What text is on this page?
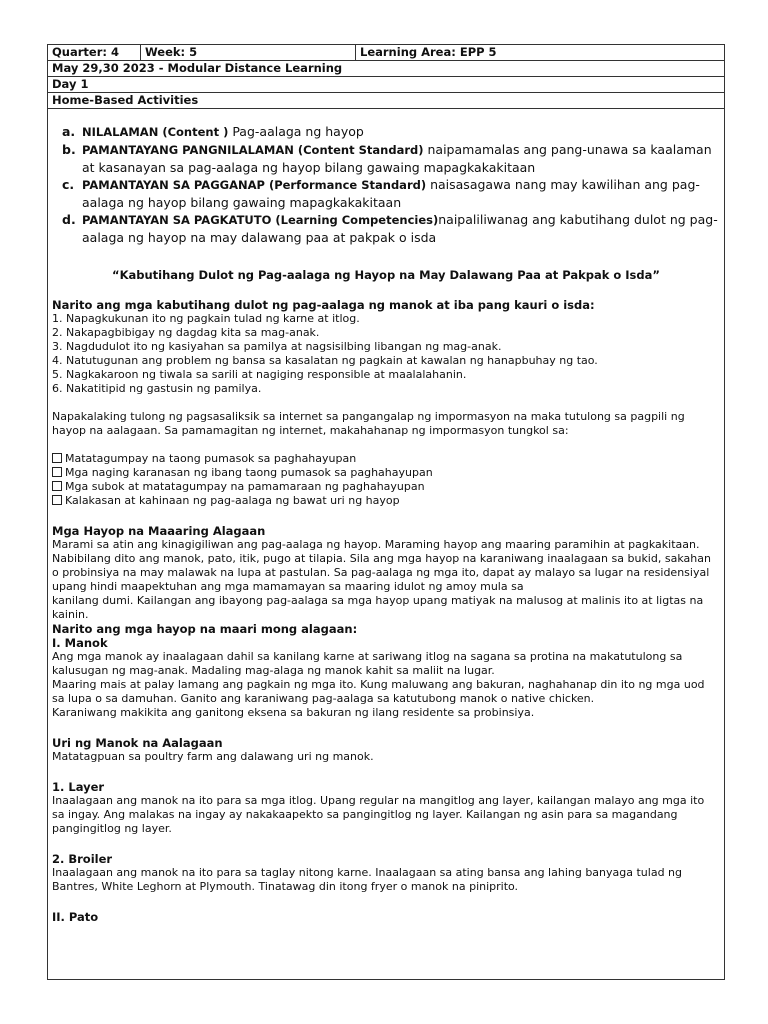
Quarter: 4	Week: 5	Learning Area: EPP 5
May 29,30 2023 - Modular Distance Learning
Day 1
Home-Based Activities
a. NILALAMAN (Content ) Pag-aalaga ng hayop
b. PAMANTAYANG PANGNILALAMAN (Content Standard) naipamamalas ang pang-unawa sa kaalaman at kasanayan sa pag-aalaga ng hayop bilang gawaing mapagkakakitaan
c. PAMANTAYAN SA PAGGANAP (Performance Standard) naisasagawa nang may kawilihan ang pag-aalaga ng hayop bilang gawaing mapagkakakitaan
d. PAMANTAYAN SA PAGKATUTO (Learning Competencies)naipaliliwanag ang kabutihang dulot ng pag-aalaga ng hayop na may dalawang paa at pakpak o isda
“Kabutihang Dulot ng Pag-aalaga ng Hayop na May Dalawang Paa at Pakpak o Isda”
Narito ang mga kabutihang dulot ng pag-aalaga ng manok at iba pang kauri o isda:

1. Napagkukunan ito ng pagkain tulad ng karne at itlog.

2. Nakapagbibigay ng dagdag kita sa mag-anak.

3. Nagdudulot ito ng kasiyahan sa pamilya at nagsisilbing libangan ng mag-anak.

4. Natutugunan ang problem ng bansa sa kasalatan ng pagkain at kawalan ng hanapbuhay ng tao.

5. Nagkakaroon ng tiwala sa sarili at nagiging responsible at maalalahanin.

6. Nakatitipid ng gastusin ng pamilya.

Napakalaking tulong ng pagsasaliksik sa internet sa pangangalap ng impormasyon na maka tutulong sa pagpili ng hayop na aalagaan. Sa pamamagitan ng internet, makahahanap ng impormasyon tungkol sa:

Matatagumpay na taong pumasok sa paghahayupan

Mga naging karanasan ng ibang taong pumasok sa paghahayupan

Mga subok at matatagumpay na pamamaraan ng paghahayupan

Kalakasan at kahinaan ng pag-aalaga ng bawat uri ng hayop

Mga Hayop na Maaaring Alagaan

Marami sa atin ang kinagigiliwan ang pag-aalaga ng hayop. Maraming hayop ang maaring paramihin at pagkakitaan. Nabibilang dito ang manok, pato, itik, pugo at tilapia. Sila ang mga hayop na karaniwang inaalagaan sa bukid, sakahan o probinsiya na may malawak na lupa at pastulan. Sa pag-aalaga ng mga ito, dapat ay malayo sa lugar na residensiyal upang hindi maapektuhan ang mga mamamayan sa maaring idulot ng amoy mula sa

kanilang dumi. Kailangan ang ibayong pag-aalaga sa mga hayop upang matiyak na malusog at malinis ito at ligtas na kainin.

Narito ang mga hayop na maari mong alagaan:
I. Manok

Ang mga manok ay inaalagaan dahil sa kanilang karne at sariwang itlog na sagana sa protina na makatutulong sa kalusugan ng mag-anak. Madaling mag-alaga ng manok kahit sa maliit na lugar.

Maaring mais at palay lamang ang pagkain ng mga ito. Kung maluwang ang bakuran, naghahanap din ito ng mga uod sa lupa o sa damuhan. Ganito ang karaniwang pag-aalaga sa katutubong manok o native chicken.

Karaniwang makikita ang ganitong eksena sa bakuran ng ilang residente sa probinsiya.

Uri ng Manok na Aalagaan

Matatagpuan sa poultry farm ang dalawang uri ng manok.

1. Layer

Inaalagaan ang manok na ito para sa mga itlog. Upang regular na mangitlog ang layer, kailangan malayo ang mga ito sa ingay. Ang malakas na ingay ay nakakaapekto sa pangingitlog ng layer. Kailangan ng asin para sa magandang pangingitlog ng layer.

2. Broiler

Inaalagaan ang manok na ito para sa taglay nitong karne. Inaalagaan sa ating bansa ang lahing banyaga tulad ng Bantres, White Leghorn at Plymouth. Tinatawag din itong fryer o manok na piniprito.

II. Pato
